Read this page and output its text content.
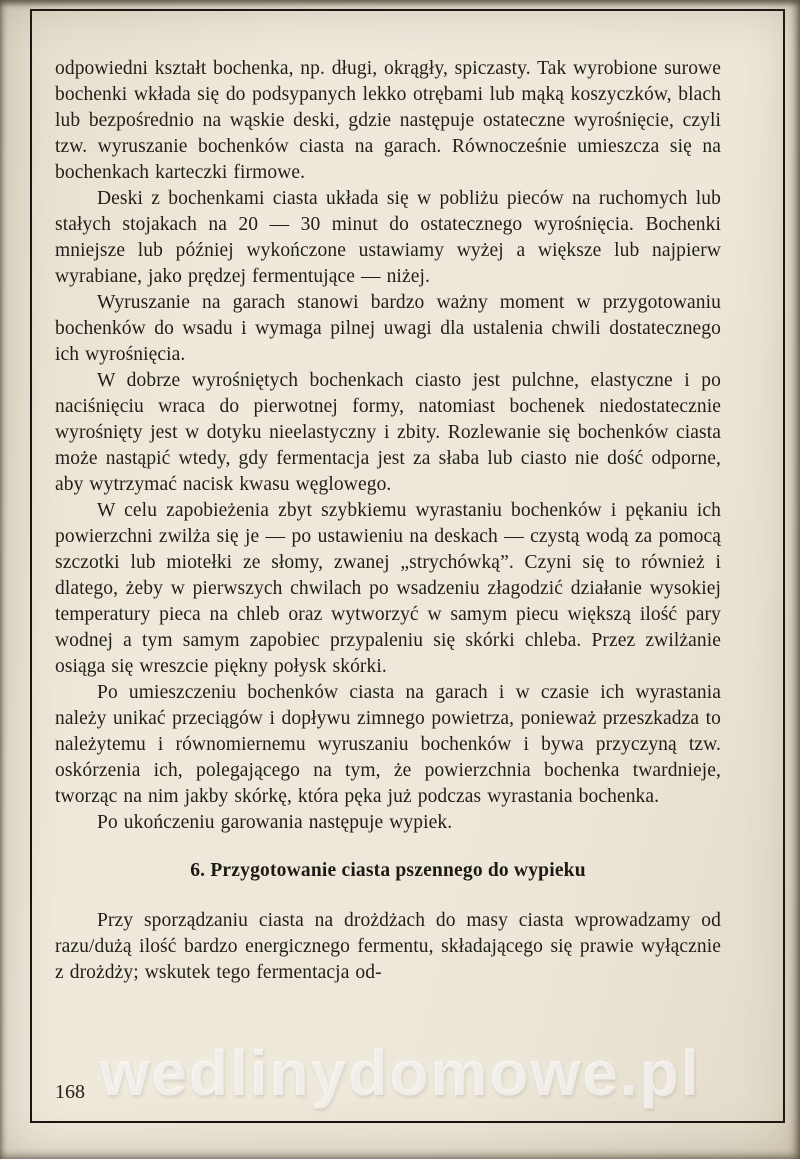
odpowiedni kształt bochenka, np. długi, okrągły, spiczasty. Tak wyrobione surowe bochenki wkłada się do podsypanych lekko otrębami lub mąką koszyczków, blach lub bezpośrednio na wąskie deski, gdzie następuje ostateczne wyrośnięcie, czyli tzw. wyruszanie bochenków ciasta na garach. Równocześnie umieszcza się na bochenkach karteczki firmowe.

Deski z bochenkami ciasta układa się w pobliżu pieców na ruchomych lub stałych stojakach na 20 — 30 minut do ostatecznego wyrośnięcia. Bochenki mniejsze lub później wykończone ustawiamy wyżej a większe lub najpierw wyrabiane, jako prędzej fermentujące — niżej.

Wyruszanie na garach stanowi bardzo ważny moment w przygotowaniu bochenków do wsadu i wymaga pilnej uwagi dla ustalenia chwili dostatecznego ich wyrośnięcia.

W dobrze wyrośniętych bochenkach ciasto jest pulchne, elastyczne i po naciśnięciu wraca do pierwotnej formy, natomiast bochenek niedostatecznie wyrośnięty jest w dotyku nieelastyczny i zbity. Rozlewanie się bochenków ciasta może nastąpić wtedy, gdy fermentacja jest za słaba lub ciasto nie dość odporne, aby wytrzymać nacisk kwasu węglowego.

W celu zapobieżenia zbyt szybkiemu wyrastaniu bochenków i pękaniu ich powierzchni zwilża się je — po ustawieniu na deskach — czystą wodą za pomocą szczotki lub miotełki ze słomy, zwanej „strychówką”. Czyni się to również i dlatego, żeby w pierwszych chwilach po wsadzeniu złagodzić działanie wysokiej temperatury pieca na chleb oraz wytworzyć w samym piecu większą ilość pary wodnej a tym samym zapobiec przypaleniu się skórki chleba. Przez zwilżanie osiąga się wreszcie piękny połysk skórki.

Po umieszczeniu bochenków ciasta na garach i w czasie ich wyrastania należy unikać przeciągów i dopływu zimnego powietrza, ponieważ przeszkadza to należytemu i równomiernemu wyruszaniu bochenków i bywa przyczyną tzw. oskórzenia ich, polegającego na tym, że powierzchnia bochenka twardnieje, tworząc na nim jakby skórkę, która pęka już podczas wyrastania bochenka.

Po ukończeniu garowania następuje wypiek.

6. Przygotowanie ciasta pszennego do wypieku

Przy sporządzaniu ciasta na drożdżach do masy ciasta wprowadzamy od razu/dużą ilość bardzo energicznego fermentu, składającego się prawie wyłącznie z drożdży; wskutek tego fermentacja od-

168 wedlinydomowe.pl
